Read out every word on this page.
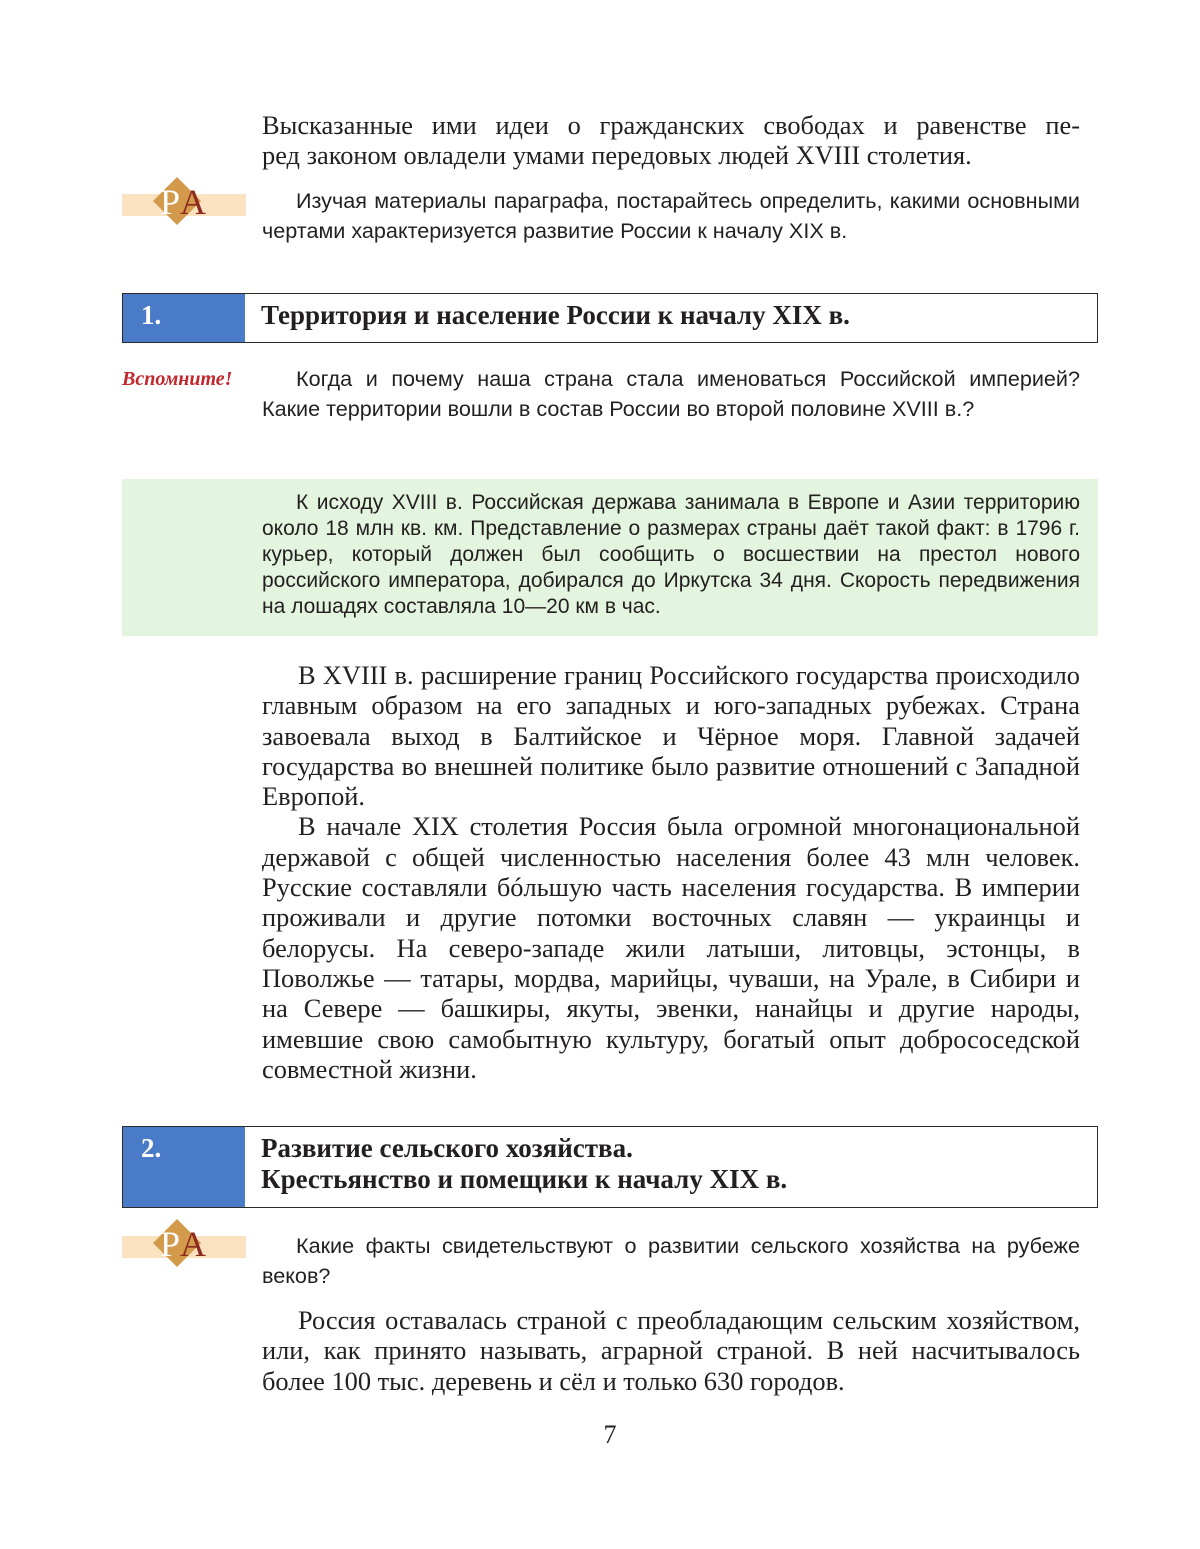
Высказанные ими идеи о гражданских свободах и равенстве пе-

ред законом овладели умами передовых людей XVIII столетия.

Р А	Изучая материалы параграфа, постарайтесь определить, какими основными чертами характеризуется развитие России к началу XIX в.

1.	Территория и население России к началу XIX в.
Вспомните!	Когда и почему наша страна стала именоваться Российской империей? Какие территории вошли в состав России во второй половине XVIII в.?

К исходу XVIII в. Российская держава занимала в Европе и Азии территорию около 18 млн кв. км. Представление о размерах страны даёт такой факт: в 1796 г. курьер, который должен был сообщить о восшествии на престол нового российского императора, добирался до Иркутска 34 дня. Скорость передвижения на лошадях составляла 10—20 км в час.

В XVIII в. расширение границ Российского государства происходило главным образом на его западных и юго-западных рубежах. Страна завоевала выход в Балтийское и Чёрное моря. Главной задачей государства во внешней политике было развитие отношений с Западной Европой.

В начале XIX столетия Россия была огромной многонациональной державой с общей численностью населения более 43 млн человек. Русские составляли бóльшую часть населения государства. В империи проживали и другие потомки восточных славян — украинцы и белорусы. На северо-западе жили латыши, литовцы, эстонцы, в Поволжье — татары, мордва, марийцы, чуваши, на Урале, в Сибири и на Севере — башкиры, якуты, эвенки, нанайцы и другие народы, имевшие свою самобытную культуру, богатый опыт добрососедской совместной жизни.

2.	Развитие сельского хозяйства.
Крестьянство и помещики к началу XIX в.
Р А	Какие факты свидетельствуют о развитии сельского хозяйства на рубеже веков?

Россия оставалась страной с преобладающим сельским хозяйством, или, как принято называть, аграрной страной. В ней насчитывалось более 100 тыс. деревень и сёл и только 630 городов.

7
